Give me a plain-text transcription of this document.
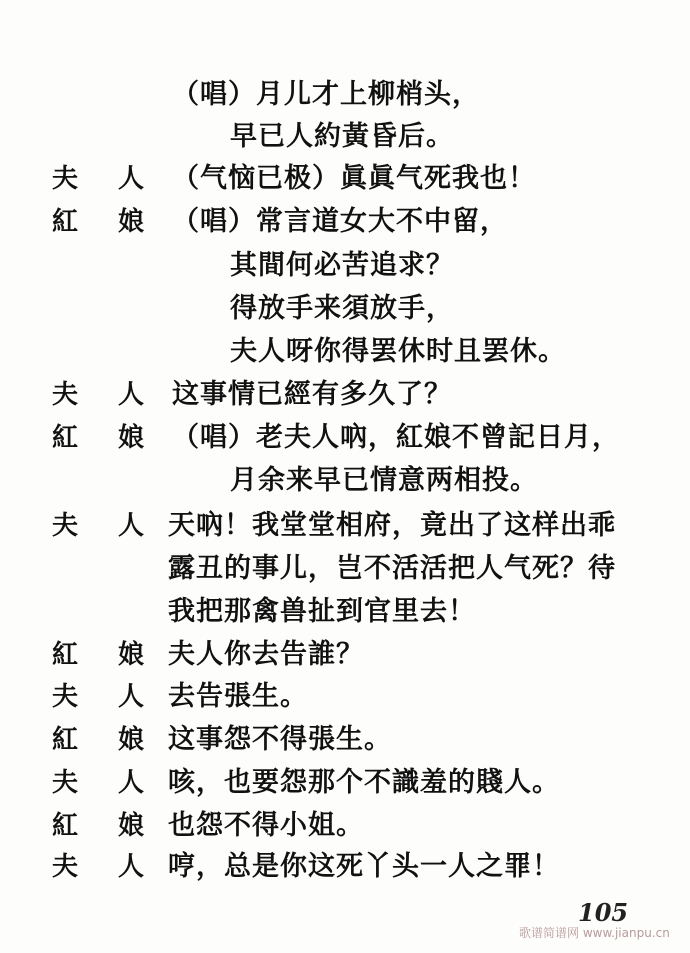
（唱）月儿才上柳梢头，
早已人約黃昏后。
夫 人 （气恼已极）眞眞气死我也！
紅 娘 （唱）常言道女大不中留，
其間何必苦追求？
得放手来須放手，
夫人呀你得罢休时且罢休。
夫 人 这事情已經有多久了？
紅 娘 （唱）老夫人吶，紅娘不曾記日月，
月余来早已情意两相投。
夫 人 天吶！我堂堂相府，竟出了这样出乖
露丑的事儿，岂不活活把人气死？待
我把那禽兽扯到官里去！
紅 娘 夫人你去告誰？
夫 人 去告張生。
紅 娘 这事怨不得張生。
夫 人 咳，也要怨那个不識羞的賤人。
紅 娘 也怨不得小姐。
夫 人 哼，总是你这死丫头一人之罪！
105
歌谱简谱网 www.jianpu.cn
